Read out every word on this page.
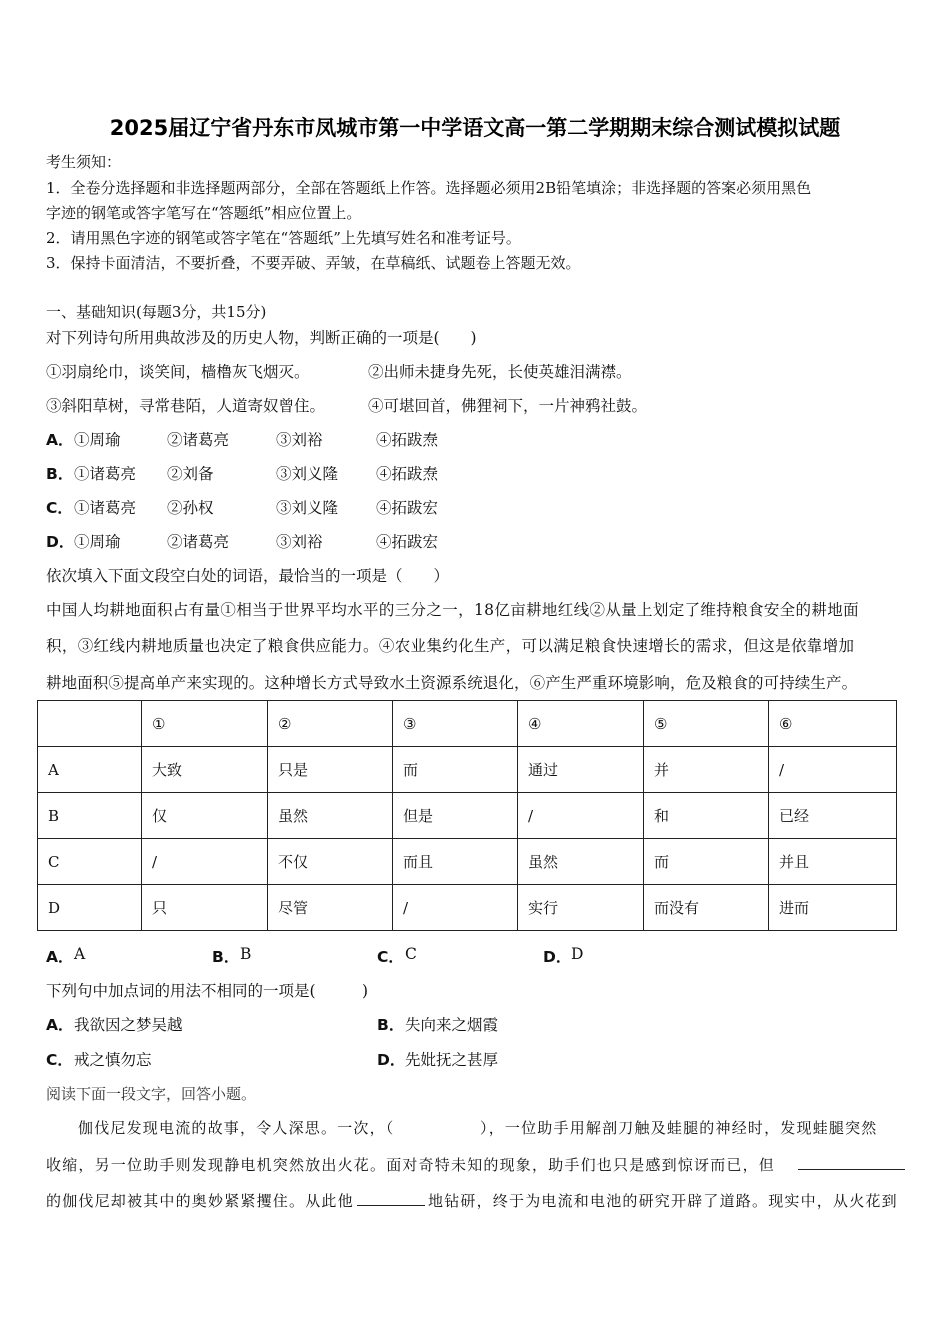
2025届辽宁省丹东市凤城市第一中学语文高一第二学期期末综合测试模拟试题
考生须知：
1．全卷分选择题和非选择题两部分，全部在答题纸上作答。选择题必须用2B铅笔填涂；非选择题的答案必须用黑色
字迹的钢笔或答字笔写在“答题纸”相应位置上。
2．请用黑色字迹的钢笔或答字笔在“答题纸”上先填写姓名和准考证号。
3．保持卡面清洁，不要折叠，不要弄破、弄皱，在草稿纸、试题卷上答题无效。
一、基础知识(每题3分，共15分)
对下列诗句所用典故涉及的历史人物，判断正确的一项是(　　)
①羽扇纶巾，谈笑间，樯橹灰飞烟灭。	②出师未捷身先死，长使英雄泪满襟。
③斜阳草树，寻常巷陌，人道寄奴曾住。	④可堪回首，佛狸祠下，一片神鸦社鼓。
A． ①周瑜	②诸葛亮	③刘裕	④拓跋焘
B． ①诸葛亮 ②刘备	③刘义隆 ④拓跋焘
C． ①诸葛亮 ②孙权	③刘义隆 ④拓跋宏
D． ①周瑜	②诸葛亮	③刘裕	④拓跋宏
依次填入下面文段空白处的词语，最恰当的一项是（　　）
中国人均耕地面积占有量①相当于世界平均水平的三分之一，18亿亩耕地红线②从量上划定了维持粮食安全的耕地面
积，③红线内耕地质量也决定了粮食供应能力。④农业集约化生产，可以满足粮食快速增长的需求，但这是依靠增加
耕地面积⑤提高单产来实现的。这种增长方式导致水土资源系统退化，⑥产生严重环境影响，危及粮食的可持续生产。
	①	②	③	④	⑤	⑥
A	大致	只是	而	通过	并	/
B	仅	虽然	但是	/	和	已经
C	/	不仅	而且	虽然	而	并且
D	只	尽管	/	实行	而没有	进而
A． A	B． B	C． C	D． D
下列句中加点词的用法不相同的一项是(　　　)
A． 我欲因之梦吴越	B． 失向来之烟霞
C． 戒之慎勿忘	D． 先妣抚之甚厚
阅读下面一段文字，回答小题。
伽伐尼发现电流的故事，令人深思。一次，（	），一位助手用解剖刀触及蛙腿的神经时，发现蛙腿突然
收缩，另一位助手则发现静电机突然放出火花。面对奇特未知的现象，助手们也只是感到惊讶而已，但
的伽伐尼却被其中的奥妙紧紧攫住。从此他	地钻研，终于为电流和电池的研究开辟了道路。现实中，从火花到
